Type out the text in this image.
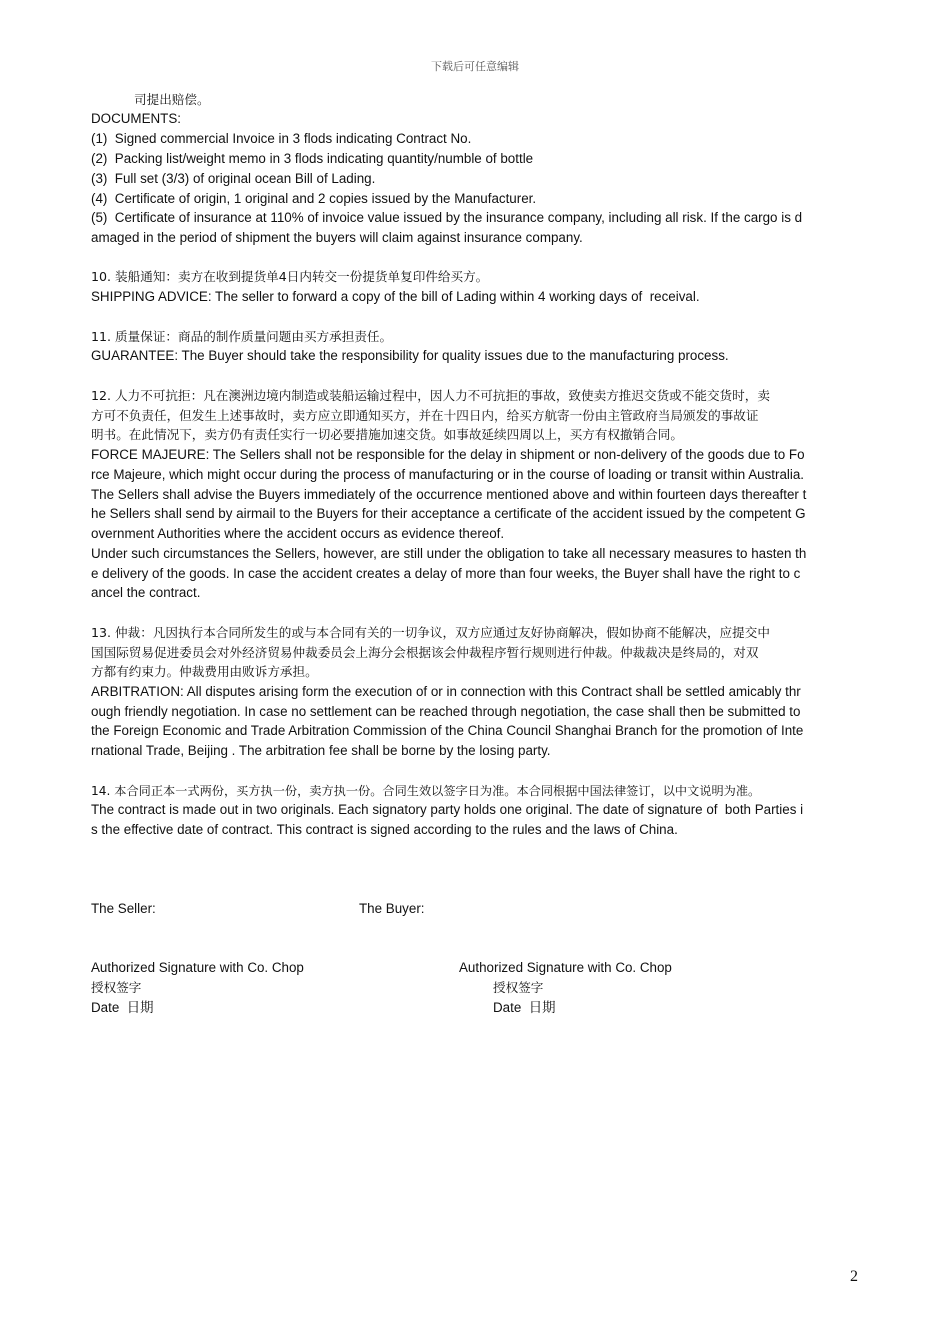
下载后可任意编辑
司提出赔偿。
DOCUMENTS:
(1)  Signed commercial Invoice in 3 flods indicating Contract No.
(2)  Packing list/weight memo in 3 flods indicating quantity/numble of bottle
(3)  Full set (3/3) of original ocean Bill of Lading.
(4)  Certificate of origin, 1 original and 2 copies issued by the Manufacturer.
(5)  Certificate of insurance at 110% of invoice value issued by the insurance company, including all risk. If the cargo is d
amaged in the period of shipment the buyers will claim against insurance company.
10. 装船通知：卖方在收到提货单4日内转交一份提货单复印件给买方。
SHIPPING ADVICE: The seller to forward a copy of the bill of Lading within 4 working days of  receival.
11. 质量保证：商品的制作质量问题由买方承担责任。
GUARANTEE: The Buyer should take the responsibility for quality issues due to the manufacturing process.
12. 人力不可抗拒：凡在澳洲边境内制造或装船运输过程中，因人力不可抗拒的事故，致使卖方推迟交货或不能交货时，卖
方可不负责任，但发生上述事故时，卖方应立即通知买方，并在十四日内，给买方航寄一份由主管政府当局颁发的事故证
明书。在此情况下，卖方仍有责任实行一切必要措施加速交货。如事故延续四周以上，买方有权撤销合同。
FORCE MAJEURE: The Sellers shall not be responsible for the delay in shipment or non-delivery of the goods due to Fo
rce Majeure, which might occur during the process of manufacturing or in the course of loading or transit within Australia.
The Sellers shall advise the Buyers immediately of the occurrence mentioned above and within fourteen days thereafter t
he Sellers shall send by airmail to the Buyers for their acceptance a certificate of the accident issued by the competent G
overnment Authorities where the accident occurs as evidence thereof.
Under such circumstances the Sellers, however, are still under the obligation to take all necessary measures to hasten th
e delivery of the goods. In case the accident creates a delay of more than four weeks, the Buyer shall have the right to c
ancel the contract.
13. 仲裁：凡因执行本合同所发生的或与本合同有关的一切争议，双方应通过友好协商解决，假如协商不能解决，应提交中
国国际贸易促进委员会对外经济贸易仲裁委员会上海分会根据该会仲裁程序暂行规则进行仲裁。仲裁裁决是终局的，对双
方都有约束力。仲裁费用由败诉方承担。
ARBITRATION: All disputes arising form the execution of or in connection with this Contract shall be settled amicably thr
ough friendly negotiation. In case no settlement can be reached through negotiation, the case shall then be submitted to
the Foreign Economic and Trade Arbitration Commission of the China Council Shanghai Branch for the promotion of Inte
rnational Trade, Beijing . The arbitration fee shall be borne by the losing party.
14. 本合同正本一式两份，买方执一份，卖方执一份。合同生效以签字日为准。本合同根据中国法律签订，以中文说明为准。
The contract is made out in two originals. Each signatory party holds one original. The date of signature of  both Parties i
s the effective date of contract. This contract is signed according to the rules and the laws of China.
The Seller:	The Buyer:
Authorized Signature with Co. Chop	Authorized Signature with Co. Chop
授权签字	授权签字
Date  日期	Date  日期
2
